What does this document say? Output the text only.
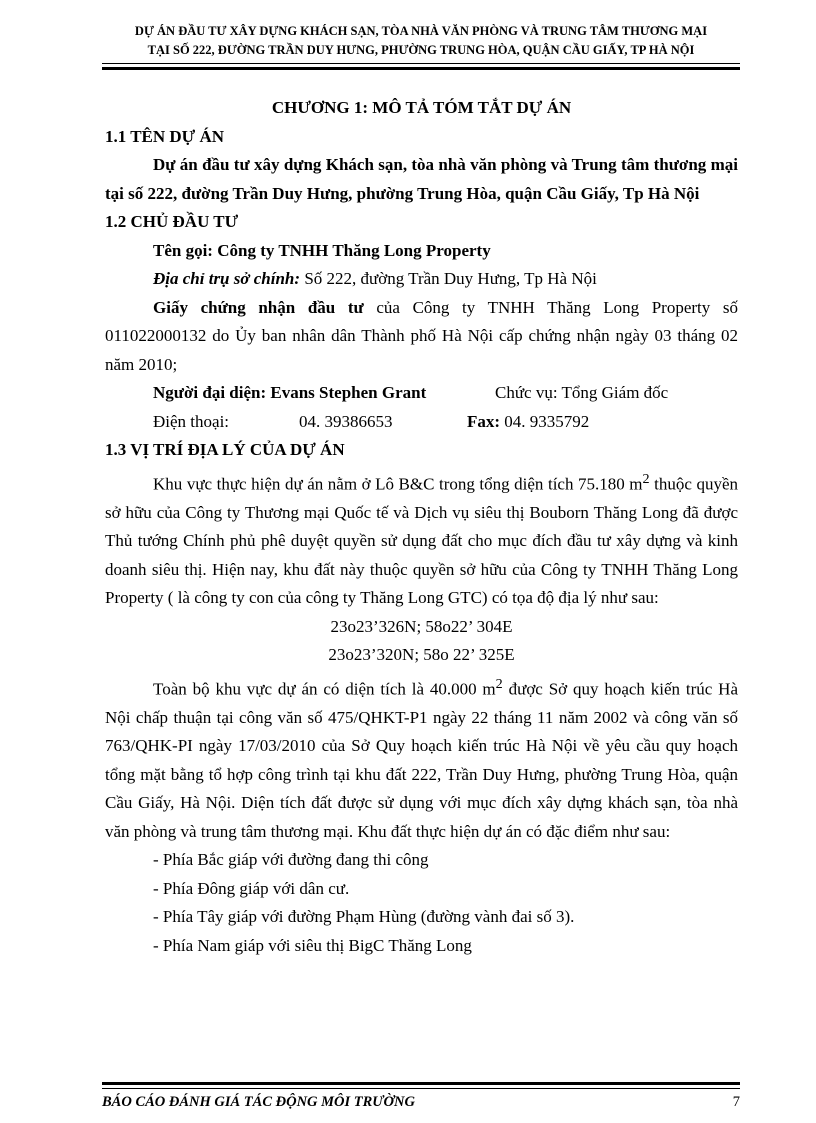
DỰ ÁN ĐẦU TƯ XÂY DỰNG KHÁCH SẠN, TÒA NHÀ VĂN PHÒNG VÀ TRUNG TÂM THƯƠNG MẠI
TẠI SỐ 222, ĐƯỜNG TRẦN DUY HƯNG, PHƯỜNG TRUNG HÒA, QUẬN CẦU GIẤY, TP HÀ NỘI

CHƯƠNG 1: MÔ TẢ TÓM TẮT DỰ ÁN

1.1 TÊN DỰ ÁN

Dự án đầu tư xây dựng Khách sạn, tòa nhà văn phòng và Trung tâm thương mại tại số 222, đường Trần Duy Hưng, phường Trung Hòa, quận Cầu Giấy, Tp Hà Nội

1.2 CHỦ ĐẦU TƯ

Tên gọi: Công ty TNHH Thăng Long Property

Địa chỉ trụ sở chính: Số 222, đường Trần Duy Hưng, Tp Hà Nội

Giấy chứng nhận đầu tư của Công ty TNHH Thăng Long Property số 011022000132 do Ủy ban nhân dân Thành phố Hà Nội cấp chứng nhận ngày 03 tháng 02 năm 2010;

Người đại diện: Evans Stephen Grant	Chức vụ: Tổng Giám đốc
Điện thoại:	04. 39386653	Fax: 04. 9335792

1.3 VỊ TRÍ ĐỊA LÝ CỦA DỰ ÁN

Khu vực thực hiện dự án nằm ở Lô B&C trong tổng diện tích 75.180 $m^2$ thuộc quyền sở hữu của Công ty Thương mại Quốc tế và Dịch vụ siêu thị Bouborn Thăng Long đã được Thủ tướng Chính phủ phê duyệt quyền sử dụng đất cho mục đích đầu tư xây dựng và kinh doanh siêu thị. Hiện nay, khu đất này thuộc quyền sở hữu của Công ty TNHH Thăng Long Property ( là công ty con của công ty Thăng Long GTC) có tọa độ địa lý như sau:

23o23’326N; 58o22’ 304E

23o23’320N; 58o 22’ 325E

Toàn bộ khu vực dự án có diện tích là 40.000 $m^2$ được Sở quy hoạch kiến trúc Hà Nội chấp thuận tại công văn số 475/QHKT-P1 ngày 22 tháng 11 năm 2002 và công văn số 763/QHK-PI ngày 17/03/2010 của Sở Quy hoạch kiến trúc Hà Nội về yêu cầu quy hoạch tổng mặt bằng tổ hợp công trình tại khu đất 222, Trần Duy Hưng, phường Trung Hòa, quận Cầu Giấy, Hà Nội. Diện tích đất được sử dụng với mục đích xây dựng khách sạn, tòa nhà văn phòng và trung tâm thương mại. Khu đất thực hiện dự án có đặc điểm như sau:

- Phía Bắc giáp với đường đang thi công

- Phía Đông giáp với dân cư.

- Phía Tây giáp với đường Phạm Hùng (đường vành đai số 3).

- Phía Nam giáp với siêu thị BigC Thăng Long

BÁO CÁO ĐÁNH GIÁ TÁC ĐỘNG MÔI TRƯỜNG	7
